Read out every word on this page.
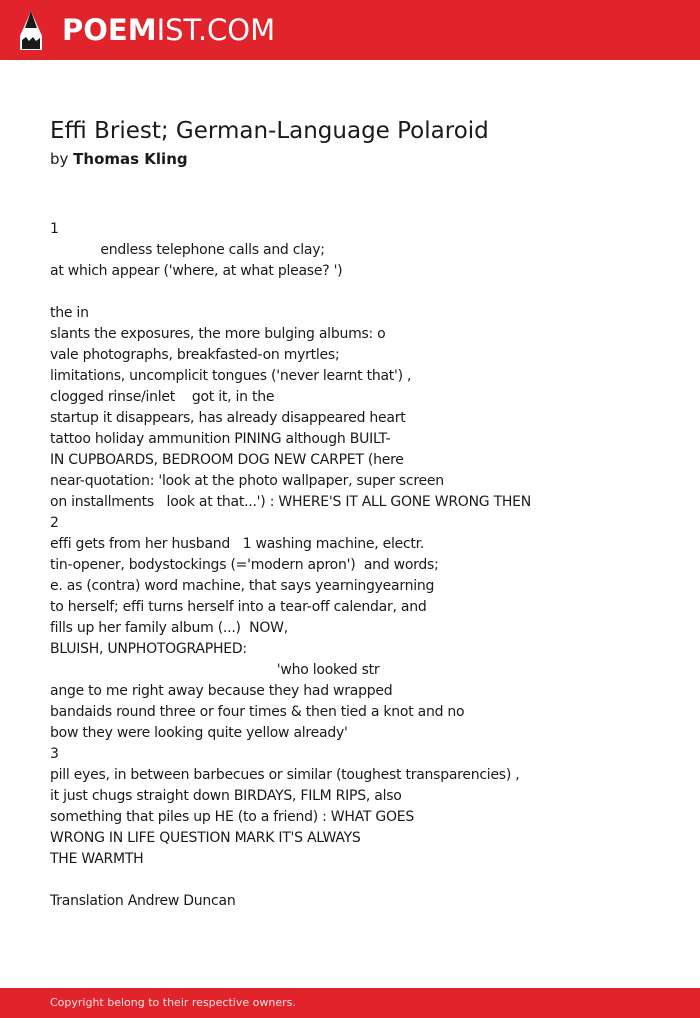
POEMIST.COM
Effi Briest; German-Language Polaroid
by Thomas Kling
1
endless telephone calls and clay;
at which appear ('where, at what please? ')
the in
slants the exposures, the more bulging albums: o
vale photographs, breakfasted-on myrtles;
limitations, uncomplicit tongues ('never learnt that') ,
clogged rinse/inlet    got it, in the
startup it disappears, has already disappeared heart
tattoo holiday ammunition PINING although BUILT-
IN CUPBOARDS, BEDROOM DOG NEW CARPET (here
near-quotation: 'look at the photo wallpaper, super screen
on installments   look at that...') : WHERE'S IT ALL GONE WRONG THEN
2
effi gets from her husband   1 washing machine, electr.
tin-opener, bodystockings (='modern apron')  and words;
e. as (contra) word machine, that says yearningyearning
to herself; effi turns herself into a tear-off calendar, and
fills up her family album (...)  NOW,
BLUISH, UNPHOTOGRAPHED:
'who looked str
ange to me right away because they had wrapped
bandaids round three or four times & then tied a knot and no
bow they were looking quite yellow already'
3
pill eyes, in between barbecues or similar (toughest transparencies) ,
it just chugs straight down BIRDAYS, FILM RIPS, also
something that piles up HE (to a friend) : WHAT GOES
WRONG IN LIFE QUESTION MARK IT'S ALWAYS
THE WARMTH
Translation Andrew Duncan
Copyright belong to their respective owners.
